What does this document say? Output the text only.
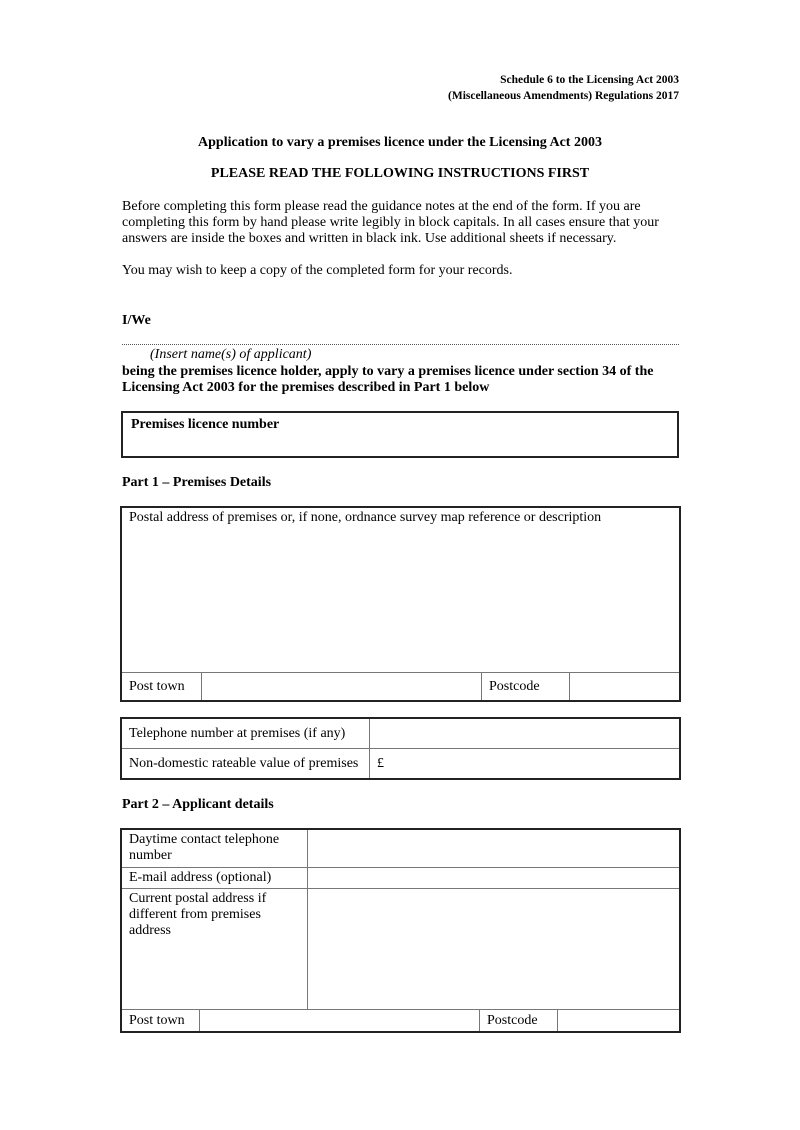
Schedule 6 to the Licensing Act 2003
(Miscellaneous Amendments) Regulations 2017
Application to vary a premises licence under the Licensing Act 2003
PLEASE READ THE FOLLOWING INSTRUCTIONS FIRST
Before completing this form please read the guidance notes at the end of the form. If you are completing this form by hand please write legibly in block capitals. In all cases ensure that your answers are inside the boxes and written in black ink. Use additional sheets if necessary.
You may wish to keep a copy of the completed form for your records.
I/We
(Insert name(s) of applicant)
being the premises licence holder, apply to vary a premises licence under section 34 of the Licensing Act 2003 for the premises described in Part 1 below
Premises licence number
Part 1 – Premises Details
Postal address of premises or, if none, ordnance survey map reference or description
Post town		Postcode	
Telephone number at premises (if any)	
Non-domestic rateable value of premises	£
Part 2 – Applicant details
Daytime contact telephone number				
E-mail address (optional)				
Current postal address if different from premises address				
Post town			Postcode	
